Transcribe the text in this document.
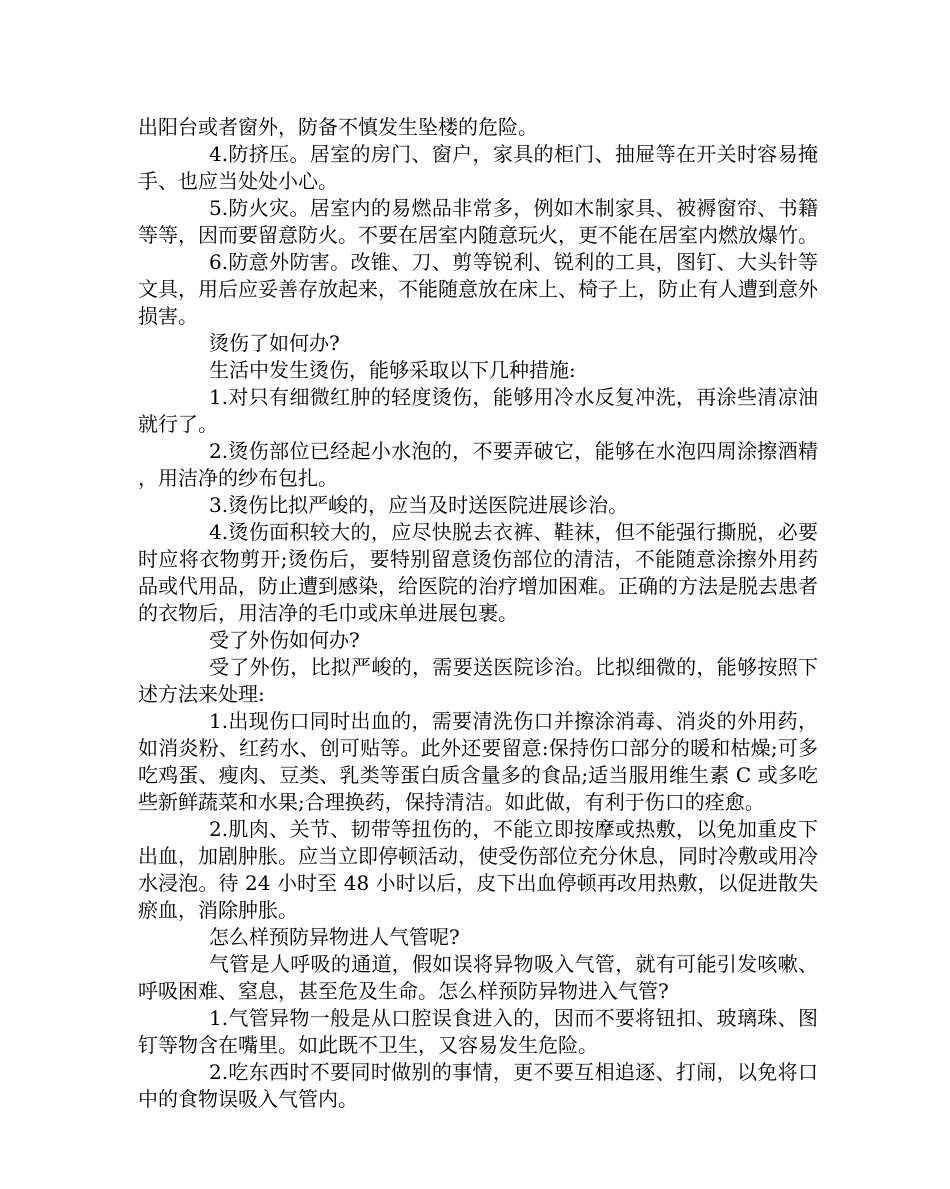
出阳台或者窗外，防备不慎发生坠楼的危险。

4.防挤压。居室的房门、窗户，家具的柜门、抽屉等在开关时容易掩手、也应当处处小心。

5.防火灾。居室内的易燃品非常多，例如木制家具、被褥窗帘、书籍等等，因而要留意防火。不要在居室内随意玩火，更不能在居室内燃放爆竹。

6.防意外防害。改锥、刀、剪等锐利、锐利的工具，图钉、大头针等文具，用后应妥善存放起来，不能随意放在床上、椅子上，防止有人遭到意外损害。

烫伤了如何办?

生活中发生烫伤，能够采取以下几种措施:

1.对只有细微红肿的轻度烫伤，能够用冷水反复冲洗，再涂些清凉油就行了。

2.烫伤部位已经起小水泡的，不要弄破它，能够在水泡四周涂擦酒精，用洁净的纱布包扎。

3.烫伤比拟严峻的，应当及时送医院进展诊治。

4.烫伤面积较大的，应尽快脱去衣裤、鞋袜，但不能强行撕脱，必要时应将衣物剪开;烫伤后，要特别留意烫伤部位的清洁，不能随意涂擦外用药品或代用品，防止遭到感染，给医院的治疗增加困难。正确的方法是脱去患者的衣物后，用洁净的毛巾或床单进展包裹。

受了外伤如何办?

受了外伤，比拟严峻的，需要送医院诊治。比拟细微的，能够按照下述方法来处理:

1.出现伤口同时出血的，需要清洗伤口并擦涂消毒、消炎的外用药，如消炎粉、红药水、创可贴等。此外还要留意:保持伤口部分的暖和枯燥;可多吃鸡蛋、瘦肉、豆类、乳类等蛋白质含量多的食品;适当服用维生素 C 或多吃些新鲜蔬菜和水果;合理换药，保持清洁。如此做，有利于伤口的痊愈。

2.肌肉、关节、韧带等扭伤的，不能立即按摩或热敷，以免加重皮下出血，加剧肿胀。应当立即停顿活动，使受伤部位充分休息，同时冷敷或用冷水浸泡。待 24 小时至 48 小时以后，皮下出血停顿再改用热敷，以促进散失瘀血，消除肿胀。

怎么样预防异物进人气管呢?

气管是人呼吸的通道，假如误将异物吸入气管，就有可能引发咳嗽、呼吸困难、窒息，甚至危及生命。怎么样预防异物进入气管?

1.气管异物一般是从口腔误食进入的，因而不要将钮扣、玻璃珠、图钉等物含在嘴里。如此既不卫生，又容易发生危险。

2.吃东西时不要同时做别的事情，更不要互相追逐、打闹，以免将口中的食物误吸入气管内。
